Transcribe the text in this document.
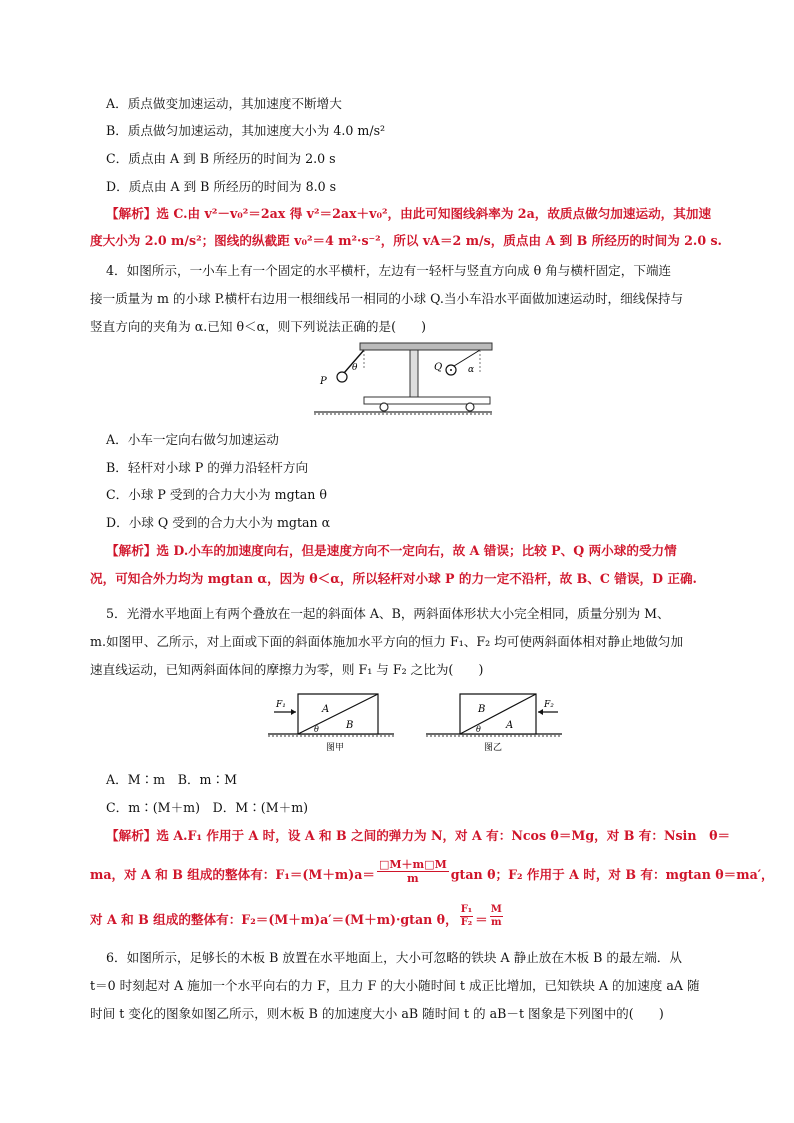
A．质点做变加速运动，其加速度不断增大
B．质点做匀加速运动，其加速度大小为 4.0 m/s²
C．质点由 A 到 B 所经历的时间为 2.0 s
D．质点由 A 到 B 所经历的时间为 8.0 s
【解析】选 C.由 v²－v₀²＝2ax 得 v²＝2ax＋v₀²，由此可知图线斜率为 2a，故质点做匀加速运动，其加速
度大小为 2.0 m/s²；图线的纵截距 v₀²＝4 m²·s⁻²，所以 vA＝2 m/s，质点由 A 到 B 所经历的时间为 2.0 s.
4．如图所示，一小车上有一个固定的水平横杆，左边有一轻杆与竖直方向成 θ 角与横杆固定，下端连
接一质量为 m 的小球 P.横杆右边用一根细线吊一相同的小球 Q.当小车沿水平面做加速运动时，细线保持与
竖直方向的夹角为 α.已知 θ＜α，则下列说法正确的是(　　)
P
θ	Q	α
A．小车一定向右做匀加速运动
B．轻杆对小球 P 的弹力沿轻杆方向
C．小球 P 受到的合力大小为 mgtan θ
D．小球 Q 受到的合力大小为 mgtan α
【解析】选 D.小车的加速度向右，但是速度方向不一定向右，故 A 错误；比较 P、Q 两小球的受力情
况，可知合外力均为 mgtan α，因为 θ＜α，所以轻杆对小球 P 的力一定不沿杆，故 B、C 错误，D 正确.
5．光滑水平地面上有两个叠放在一起的斜面体 A、B，两斜面体形状大小完全相同，质量分别为 M、
m.如图甲、乙所示，对上面或下面的斜面体施加水平方向的恒力 F₁、F₂ 均可使两斜面体相对静止地做匀加
速直线运动，已知两斜面体间的摩擦力为零，则 F₁ 与 F₂ 之比为(　　)
A
B
θ
F₁
图甲
B
A
θ
F₂
图乙
A．M∶m　B．m∶M
C．m∶(M＋m)　D．M∶(M＋m)
【解析】选 A.F₁ 作用于 A 时，设 A 和 B 之间的弹力为 N，对 A 有：Ncos θ＝Mg，对 B 有：Nsin　θ＝
ma，对 A 和 B 组成的整体有：$F_1=(M+m)a= \frac{□M+m□M}{m}$ gtan θ；F₂ 作用于 A 时，对 B 有：mgtan θ＝ma′，
对 A 和 B 组成的整体有：F₂＝(M＋m)a′＝(M＋m)·gtan θ， $\frac{\text{F₁}}{\text{F₂}} = \frac{M}{m}$
6．如图所示，足够长的木板 B 放置在水平地面上，大小可忽略的铁块 A 静止放在木板 B 的最左端．从
t＝0 时刻起对 A 施加一个水平向右的力 F，且力 F 的大小随时间 t 成正比增加，已知铁块 A 的加速度 aA 随
时间 t 变化的图象如图乙所示，则木板 B 的加速度大小 aB 随时间 t 的 aB－t 图象是下列图中的(　　)
